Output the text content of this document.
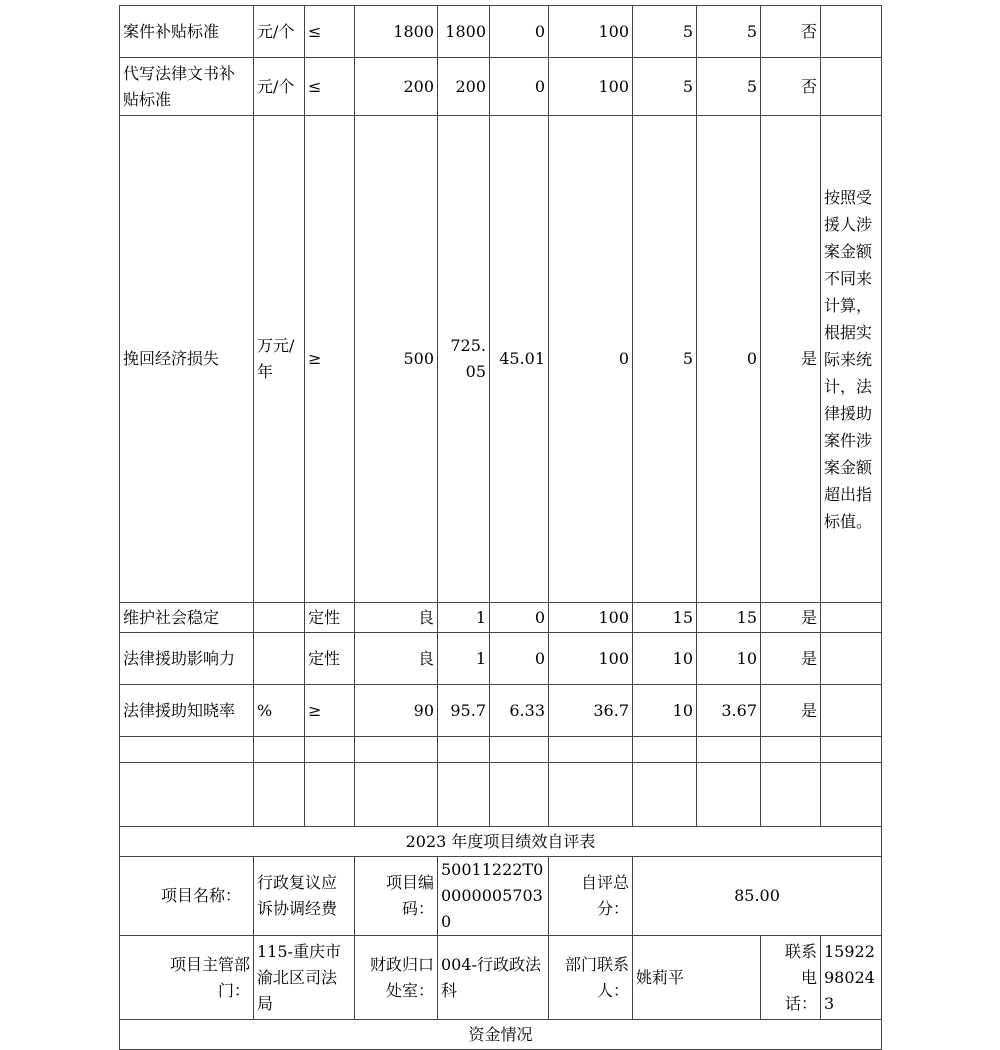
案件补贴标准	元/个	≤	1800	1800	0	100	5	5	否	
代写法律文书补贴标准	元/个	≤	200	200	0	100	5	5	否	
挽回经济损失	万元/年	≥	500	725.05	45.01	0	5	0	是	按照受援人涉案金额不同来计算，根据实际来统计，法律援助案件涉案金额超出指标值。
维护社会稳定		定性	良	1	0	100	15	15	是	
法律援助影响力		定性	良	1	0	100	10	10	是	
法律援助知晓率	%	≥	90	95.7	6.33	36.7	10	3.67	是	

2023 年度项目绩效自评表										
项目名称：	行政复议应诉协调经费		项目编码：	50011222T000000057030		自评总分：	85.00			
项目主管部门：	115-重庆市渝北区司法局		财政归口处室：	004-行政政法科		部门联系人：	姚莉平		联系电话：	15922980243
资金情况										
